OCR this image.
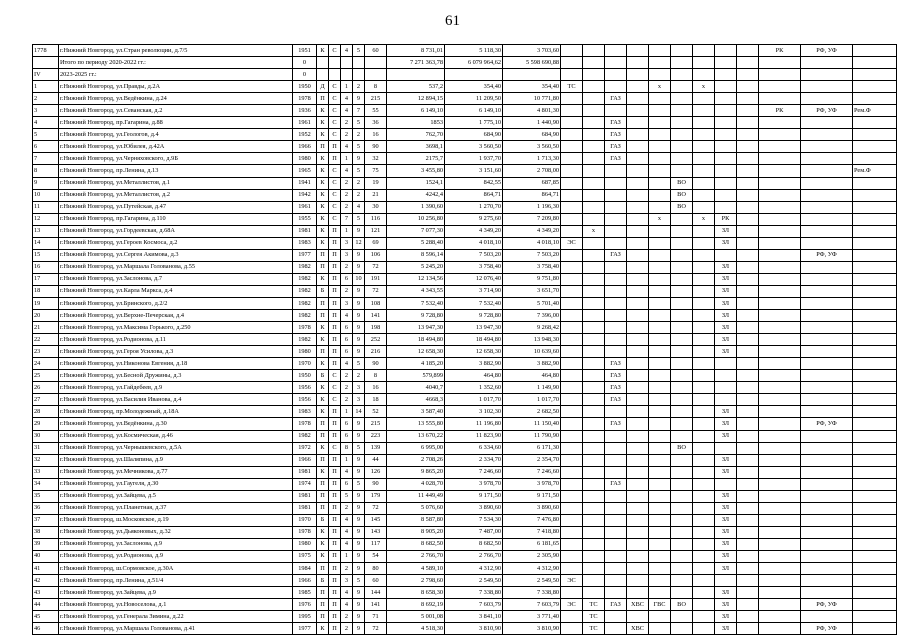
61
1778	г.Нижний Новгород, ул.Стран революции, д.7/5	1951	К	С	4	5	60	8 731,01	5 118,30	3 703,60										РК	РФ, УФ	
	Итого по периоду 2020-2022 гг.:	0						7 271 363,78	6 079 964,62	5 598 690,88												
IV	2023-2025 гг.:	0																				
1	г.Нижний Новгород, ул.Правды, д.2А	1950	Д	С	1	2	8	537,2	354,40	354,40	ТС				х		х					
2	г.Нижний Новгород, ул.Ведёнкина, д.24	1978	П	С	4	9	215	12 894,15	11 209,50	10 771,80			ГАЗ									
3	г.Нижний Новгород, ул.Севанская, д.2	1936	К	С	4	7	55	6 149,10	6 149,10	4 801,30										РК	РФ, УФ	Рем.Ф
4	г.Нижний Новгород, пр.Гагарина, д.88	1961	К	С	2	5	36	1853	1 775,10	1 440,90			ГАЗ									
5	г.Нижний Новгород, ул.Геологов, д.4	1952	К	С	2	2	16	762,70	684,90	684,90			ГАЗ									
6	г.Нижний Новгород, ул.Юбилея, д.42А	1966	П	П	4	5	90	3698,1	3 560,50	3 560,50			ГАЗ									
7	г.Нижний Новгород, ул.Черняховского, д.9Б	1980	К	П	1	9	32	2175,7	1 937,70	1 713,30			ГАЗ									
8	г.Нижний Новгород, пр.Ленина, д.13	1965	К	С	4	5	75	3 455,80	3 151,60	2 708,00												Рем.Ф
9	г.Нижний Новгород, ул.Металлистов, д.1	1941	К	С	2	2	19	1524,1	842,55	687,85						ВО						
10	г.Нижний Новгород, ул.Металлистов, д.2	1942	К	С	2	2	21	4242,4	864,71	864,71						ВО						
11	г.Нижний Новгород, ул.Путейская, д.47	1961	К	С	2	4	30	1 390,60	1 270,70	1 196,30						ВО						
12	г.Нижний Новгород, пр.Гагарина, д.110	1955	К	С	7	5	116	10 256,80	9 275,60	7 209,80					х		х	РК				
13	г.Нижний Новгород, ул.Гордеевская, д.68А	1981	К	П	1	9	121	7 077,30	4 349,20	4 349,20		х						ЗЛ				
14	г.Нижний Новгород, ул.Героев Космоса, д.2	1983	К	П	3	12	69	5 288,40	4 018,10	4 018,10	ЭС							ЗЛ				
15	г.Нижний Новгород, ул.Сергея Акимова, д.3	1977	П	П	3	9	106	8 596,14	7 503,20	7 503,20			ГАЗ								РФ, УФ	
16	г.Нижний Новгород, ул.Маршала Голованова, д.55	1982	П	П	2	9	72	5 245,20	3 758,40	3 758,40								ЗЛ				
17	г.Нижний Новгород, ул.Заслонова, д.7	1982	К	П	6	10	191	12 134,56	12 076,40	9 751,80								ЗЛ				
18	г.Нижний Новгород, ул.Карла Маркса, д.4	1982	Б	П	2	9	72	4 343,55	3 714,90	3 651,70								ЗЛ				
19	г.Нижний Новгород, ул.Бринского, д.2/2	1982	П	П	3	9	108	7 532,40	7 532,40	5 701,40								ЗЛ				
20	г.Нижний Новгород, ул.Верхне-Печерская, д.4	1982	П	П	4	9	141	9 728,80	9 728,80	7 396,00								ЗЛ				
21	г.Нижний Новгород, ул.Максима Горького, д.250	1978	К	П	6	9	198	13 947,30	13 947,30	9 268,42								ЗЛ				
22	г.Нижний Новгород, ул.Родионова, д.11	1982	К	П	6	9	252	18 494,80	18 494,80	13 948,30								ЗЛ				
23	г.Нижний Новгород, ул.Героя Усилова, д.3	1980	П	П	6	9	216	12 658,30	12 658,30	10 639,60								ЗЛ				
24	г.Нижний Новгород, ул.Никонова Евгения, д.18	1970	К	П	4	5	90	4 185,20	3 882,90	3 882,90			ГАЗ									
25	г.Нижний Новгород, ул.Бесной Дружины, д.3	1950	Б	С	2	2	8	579,899	464,80	464,80			ГАЗ									
26	г.Нижний Новгород, ул.Гайдебеев, д.9	1956	К	С	2	3	16	4040,7	1 352,60	1 149,90			ГАЗ									
27	г.Нижний Новгород, ул.Василия Иванова, д.4	1956	К	С	2	3	18	4668,3	1 017,70	1 017,70			ГАЗ									
28	г.Нижний Новгород, пр.Молодежный, д.18А	1983	К	П	1	14	52	3 587,40	3 102,30	2 682,50								ЗЛ				
29	г.Нижний Новгород, ул.Ведёнкина, д.30	1978	П	П	6	9	215	13 555,80	11 196,80	11 150,40			ГАЗ					ЗЛ			РФ, УФ	
30	г.Нижний Новгород, ул.Космическая, д.46	1982	П	П	6	9	223	13 670,22	11 823,90	11 790,90								ЗЛ				
31	г.Нижний Новгород, ул.Чернышевского, д.5А	1972	К	С	8	5	139	6 995,00	6 334,60	6 171,30						ВО						
32	г.Нижний Новгород, ул.Шаляпина, д.9	1966	П	П	1	9	44	2 708,26	2 334,70	2 354,70								ЗЛ				
33	г.Нижний Новгород, ул.Мечникова, д.77	1981	К	П	4	9	126	9 865,20	7 246,60	7 246,60								ЗЛ				
34	г.Нижний Новгород, ул.Гаугеля, д.30	1974	П	П	6	5	90	4 028,70	3 978,70	3 978,70			ГАЗ									
35	г.Нижний Новгород, ул.Зайцева, д.5	1981	П	П	5	9	179	11 449,49	9 171,50	9 171,50								ЗЛ				
36	г.Нижний Новгород, ул.Планетная, д.37	1981	П	П	2	9	72	5 076,60	3 890,60	3 890,60								ЗЛ				
37	г.Нижний Новгород, ш.Московское, д.19	1970	Б	П	4	9	145	8 587,80	7 534,30	7 476,80								ЗЛ				
38	г.Нижний Новгород, ул.Дьяконовых, д.32	1978	К	П	4	9	143	8 905,20	7 487,00	7 418,80								ЗЛ				
39	г.Нижний Новгород, ул.Заслонова, д.9	1980	К	П	4	9	117	8 682,50	8 682,50	6 181,65								ЗЛ				
40	г.Нижний Новгород, ул.Родионова, д.9	1975	К	П	1	9	54	2 766,70	2 766,70	2 305,90								ЗЛ				
41	г.Нижний Новгород, ш.Сормовское, д.30А	1984	П	П	2	9	80	4 589,10	4 312,90	4 312,90								ЗЛ				
42	г.Нижний Новгород, пр.Ленина, д.51/4	1966	Б	П	3	5	60	2 798,60	2 549,50	2 549,50	ЭС											
43	г.Нижний Новгород, ул.Зайцева, д.9	1985	П	П	4	9	144	8 658,30	7 338,80	7 338,80								ЗЛ				
44	г.Нижний Новгород, ул.Новоселова, д.1	1976	П	П	4	9	141	8 692,19	7 603,79	7 603,79	ЭС	ТС	ГАЗ	ХВС	ГВС	ВО		ЗЛ			РФ, УФ	
45	г.Нижний Новгород, ул.Генерала Зимина, д.22	1995	П	П	2	9	71	5 001,08	3 841,10	3 771,40		ТС						ЗЛ				
46	г.Нижний Новгород, ул.Маршала Голованова, д.41	1977	К	П	2	9	72	4 518,30	3 810,90	3 810,90		ТС		ХВС				ЗЛ			РФ, УФ	
